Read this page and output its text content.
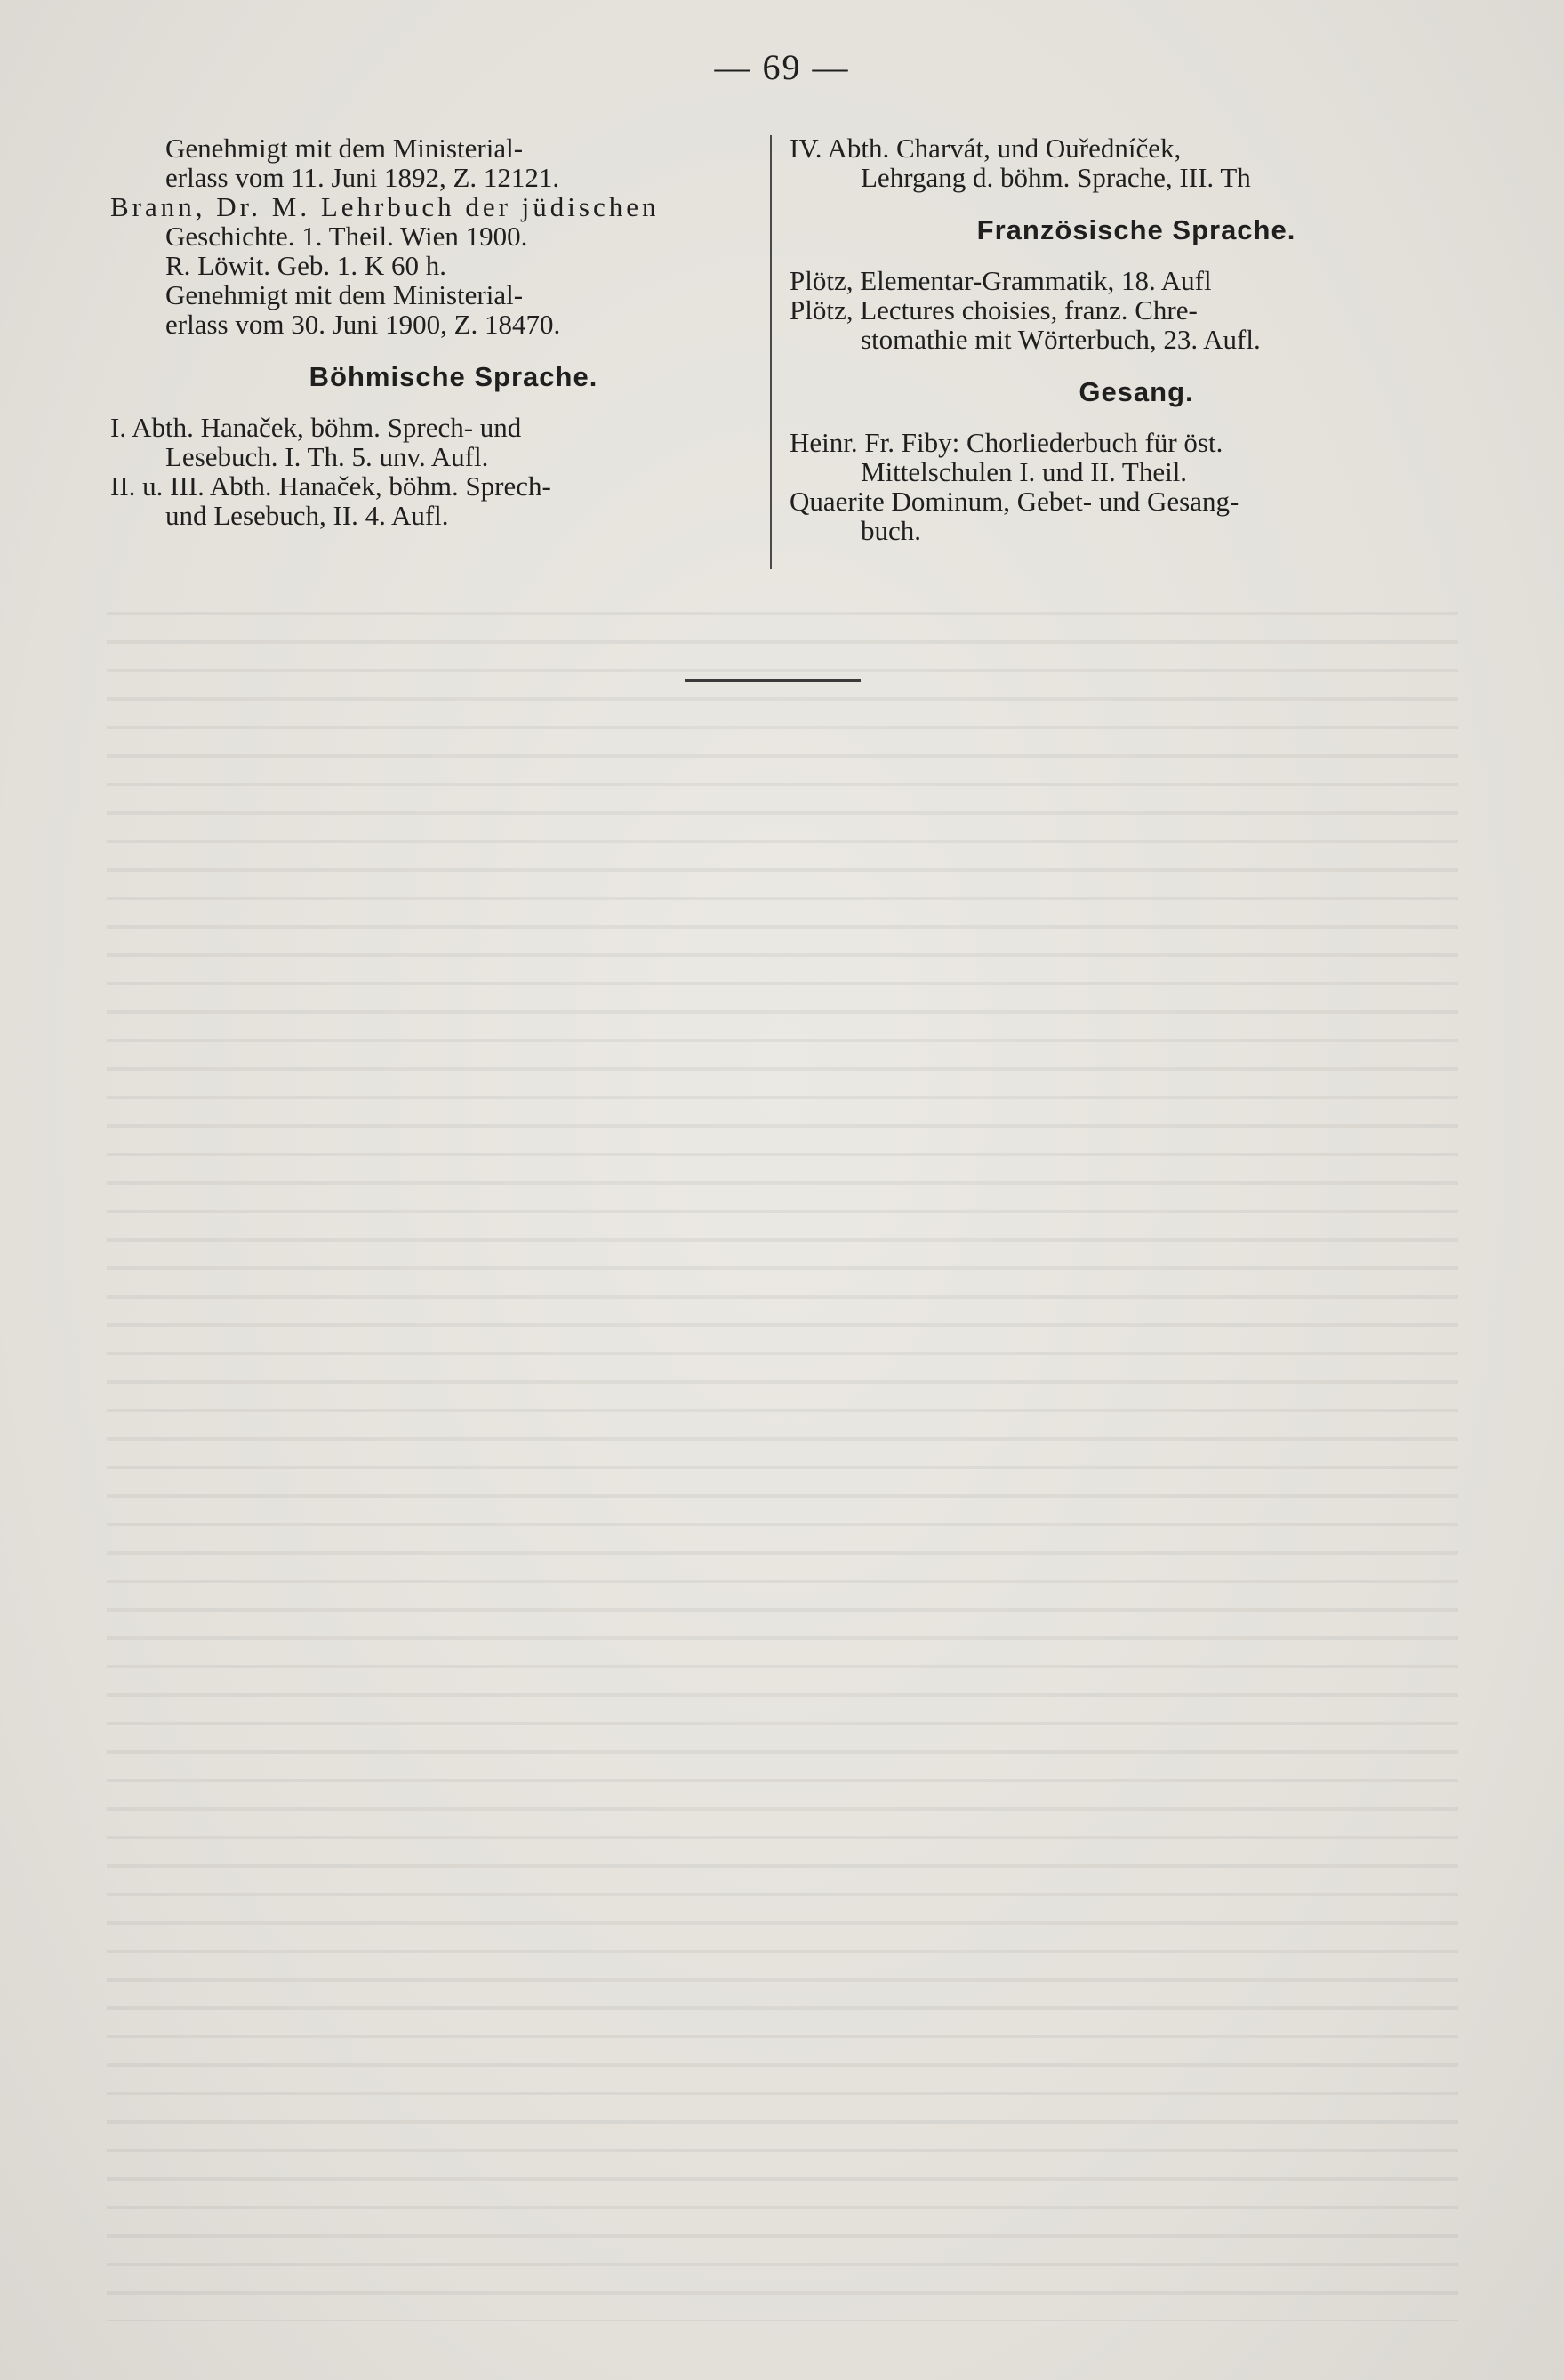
— 69 —

Genehmigt mit dem Ministerial-
erlass vom 11. Juni 1892, Z. 12121.

Brann, Dr. M. Lehrbuch der jüdischen
Geschichte. 1. Theil. Wien 1900.

R. Löwit. Geb. 1. K 60 h.
Genehmigt mit dem Ministerial-
erlass vom 30. Juni 1900, Z. 18470.

Böhmische Sprache.

I. Abth. Hanaček, böhm. Sprech- und
Lesebuch. I. Th. 5. unv. Aufl.

II. u. III. Abth. Hanaček, böhm. Sprech-
und Lesebuch, II. 4. Aufl.

IV. Abth. Charvát, und Ouředníček,
Lehrgang d. böhm. Sprache, III. Th

Französische Sprache.

Plötz, Elementar-Grammatik, 18. Aufl

Plötz, Lectures choisies, franz. Chre-
stomathie mit Wörterbuch, 23. Aufl.

Gesang.

Heinr. Fr. Fiby: Chorliederbuch für öst.
Mittelschulen I. und II. Theil.

Quaerite Dominum, Gebet- und Gesang-
buch.
